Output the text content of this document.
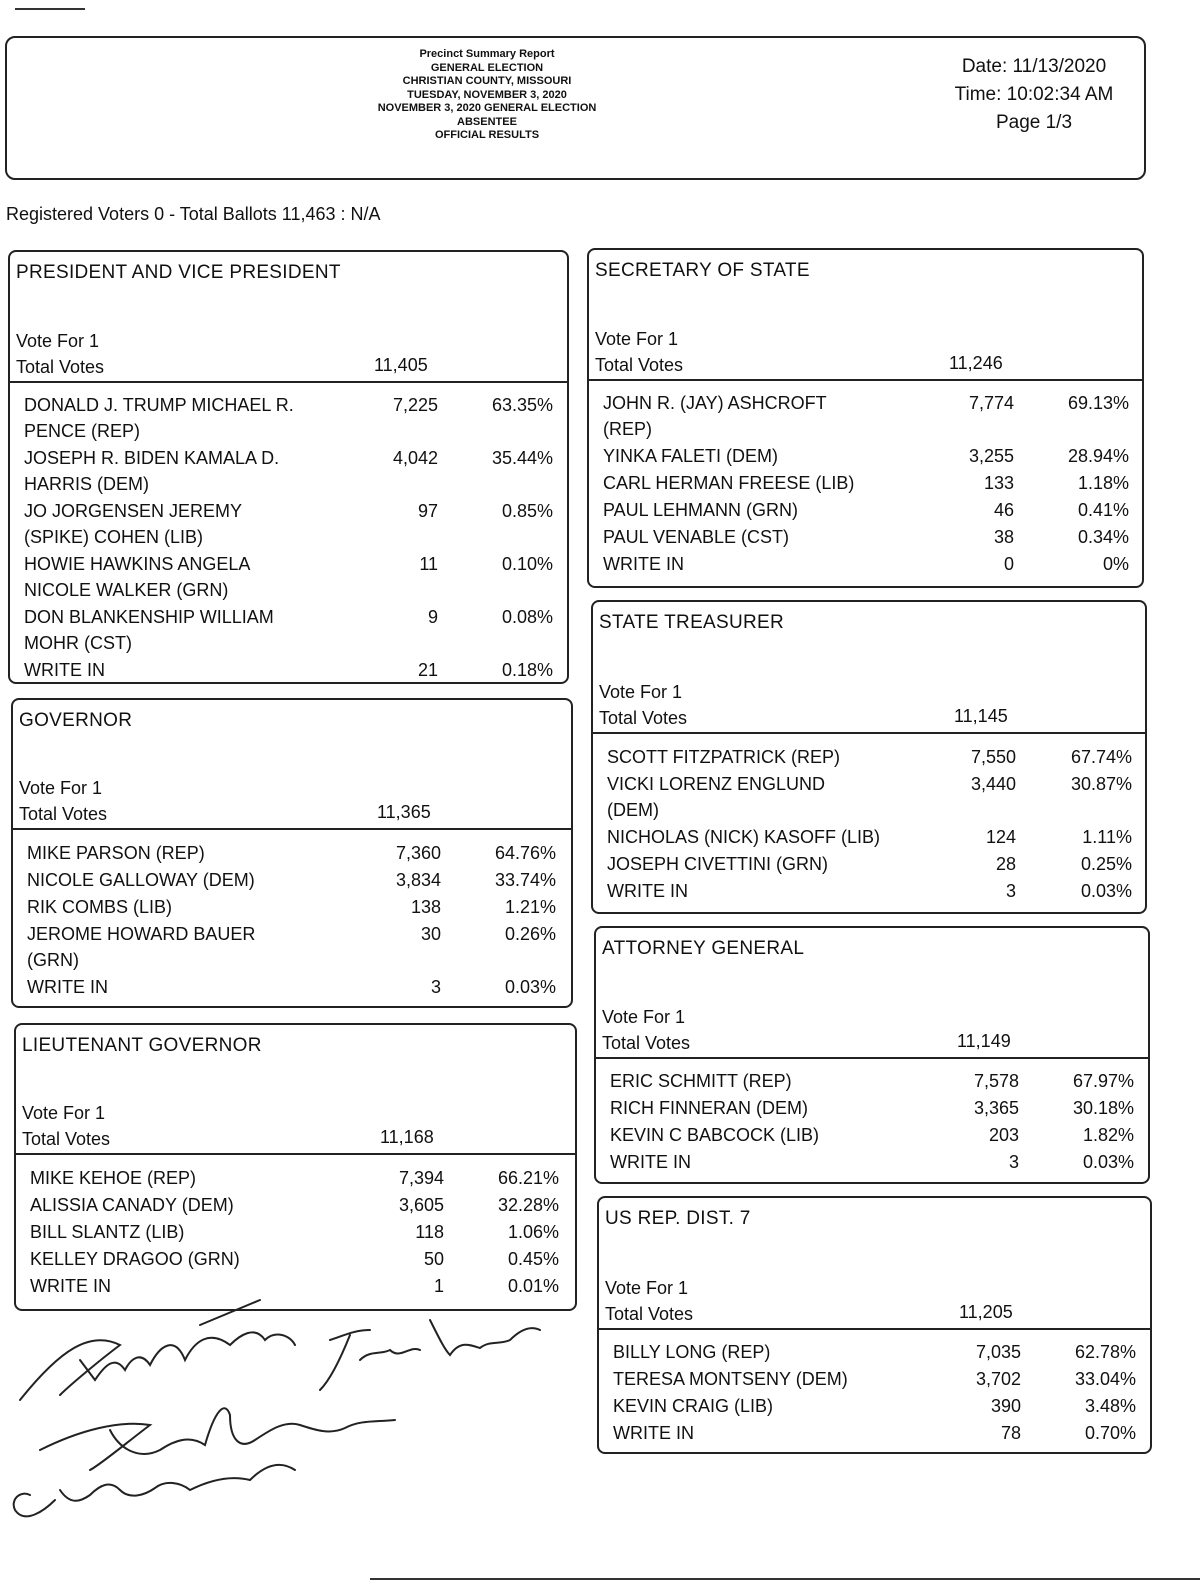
Precinct Summary Report
GENERAL ELECTION
CHRISTIAN COUNTY, MISSOURI
TUESDAY, NOVEMBER 3, 2020
NOVEMBER 3, 2020 GENERAL ELECTION
ABSENTEE
OFFICIAL RESULTS
Date: 11/13/2020
Time: 10:02:34 AM
Page 1/3
Registered Voters 0 - Total Ballots 11,463 : N/A
PRESIDENT AND VICE PRESIDENT
Vote For 1
Total Votes	11,405
DONALD J. TRUMP MICHAEL R.
PENCE (REP)
7,225	63.35%
JOSEPH R. BIDEN KAMALA D.
HARRIS (DEM)
4,042	35.44%
JO JORGENSEN JEREMY
(SPIKE) COHEN (LIB)
97	0.85%
HOWIE HAWKINS ANGELA
NICOLE WALKER (GRN)
11	0.10%
DON BLANKENSHIP WILLIAM
MOHR (CST)
9	0.08%
WRITE IN	21	0.18%
GOVERNOR
Vote For 1
Total Votes	11,365
MIKE PARSON (REP)	7,360	64.76%
NICOLE GALLOWAY (DEM)	3,834	33.74%
RIK COMBS (LIB)	138	1.21%
JEROME HOWARD BAUER
(GRN)
30	0.26%
WRITE IN	3	0.03%
LIEUTENANT GOVERNOR
Vote For 1
Total Votes	11,168
MIKE KEHOE (REP)	7,394	66.21%
ALISSIA CANADY (DEM)	3,605	32.28%
BILL SLANTZ (LIB)	118	1.06%
KELLEY DRAGOO (GRN)	50	0.45%
WRITE IN	1	0.01%
SECRETARY OF STATE
Vote For 1
Total Votes	11,246
JOHN R. (JAY) ASHCROFT
(REP)
7,774	69.13%
YINKA FALETI (DEM)	3,255	28.94%
CARL HERMAN FREESE (LIB)	133	1.18%
PAUL LEHMANN (GRN)	46	0.41%
PAUL VENABLE (CST)	38	0.34%
WRITE IN	0	0%
STATE TREASURER
Vote For 1
Total Votes	11,145
SCOTT FITZPATRICK (REP)	7,550	67.74%
VICKI LORENZ ENGLUND
(DEM)
3,440	30.87%
NICHOLAS (NICK) KASOFF (LIB)	124	1.11%
JOSEPH CIVETTINI (GRN)	28	0.25%
WRITE IN	3	0.03%
ATTORNEY GENERAL
Vote For 1
Total Votes	11,149
ERIC SCHMITT (REP)	7,578	67.97%
RICH FINNERAN (DEM)	3,365	30.18%
KEVIN C BABCOCK (LIB)	203	1.82%
WRITE IN	3	0.03%
US REP. DIST. 7
Vote For 1
Total Votes	11,205
BILLY LONG (REP)	7,035	62.78%
TERESA MONTSENY (DEM)	3,702	33.04%
KEVIN CRAIG (LIB)	390	3.48%
WRITE IN	78	0.70%
